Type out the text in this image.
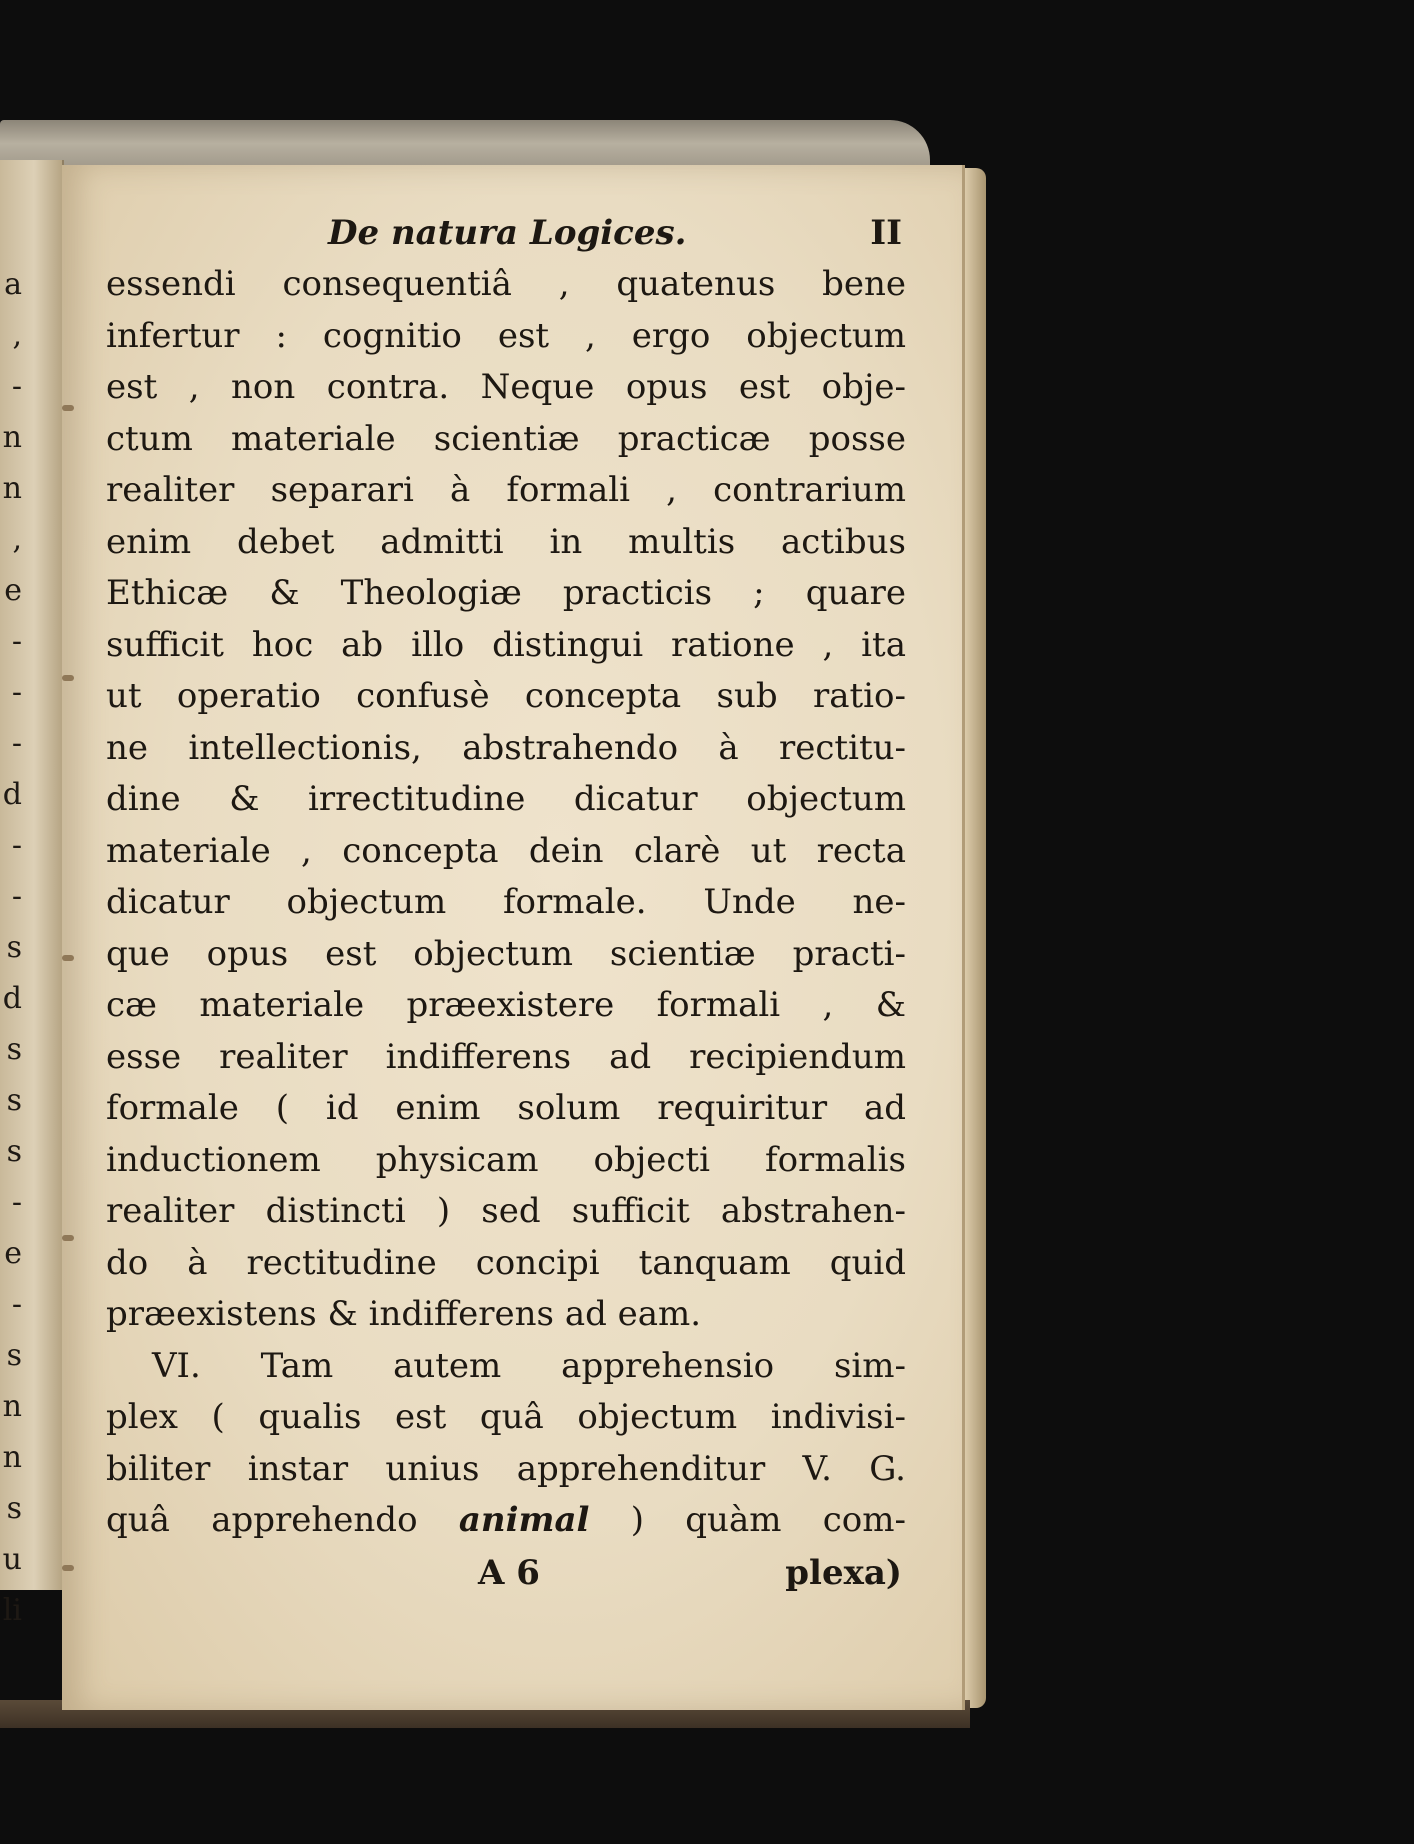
a
,
-
n
n
,
e
-
-
-
d
-
-
s
d
s
s
s
-
e
-
s
n
n
s
u
li
De natura Logices.	II
essendi consequentiâ , quatenus bene
infertur : cognitio est , ergo objectum
est , non contra. Neque opus est obje-
ctum materiale scientiæ practicæ posse
realiter separari à formali , contrarium
enim debet admitti in multis actibus
Ethicæ & Theologiæ practicis ; quare
sufficit hoc ab illo distingui ratione , ita
ut operatio confusè concepta sub ratio-
ne intellectionis, abstrahendo à rectitu-
dine & irrectitudine dicatur objectum
materiale , concepta dein clarè ut recta
dicatur objectum formale. Unde ne-
que opus est objectum scientiæ practi-
cæ materiale præexistere formali , &
esse realiter indifferens ad recipiendum
formale ( id enim solum requiritur ad
inductionem physicam objecti formalis
realiter distincti ) sed sufficit abstrahen-
do à rectitudine concipi tanquam quid
præexistens & indifferens ad eam.
VI. Tam autem apprehensio sim-
plex ( qualis est quâ objectum indivisi-
biliter instar unius apprehenditur V. G.
quâ apprehendo animal ) quàm com-
A 6	plexa)
